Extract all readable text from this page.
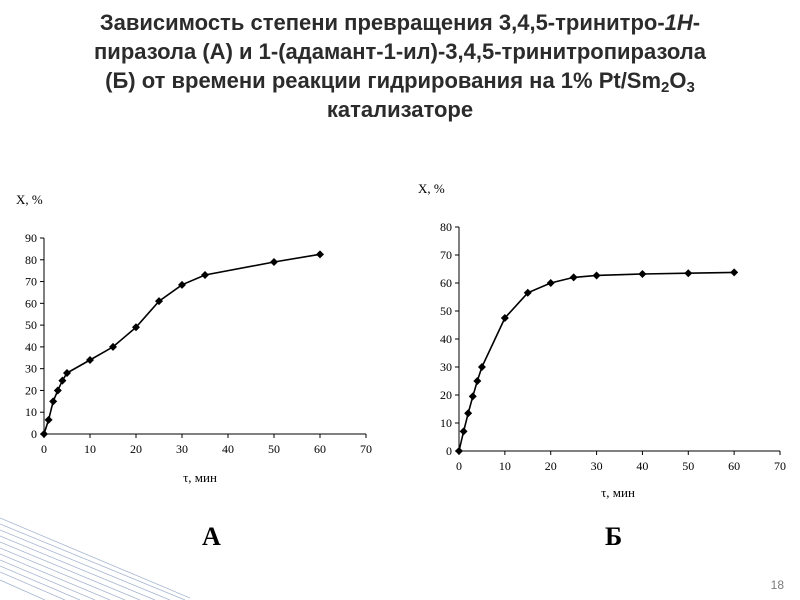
Зависимость степени превращения 3,4,5-тринитро-1H-
пиразола (А) и 1-(адамант-1-ил)-3,4,5-тринитропиразола
(Б) от времени реакции гидрирования на 1% $Pt/Sm_2O_3$
катализаторе
0
10
20
30
40
50
60
70
80
90
0	10	20	30	40	50	60	70
X, %
τ, мин
0
10
20
30
40
50
60
70
80
0	10	20	30	40	50	60	70
X, %
τ, мин
А	Б
18
